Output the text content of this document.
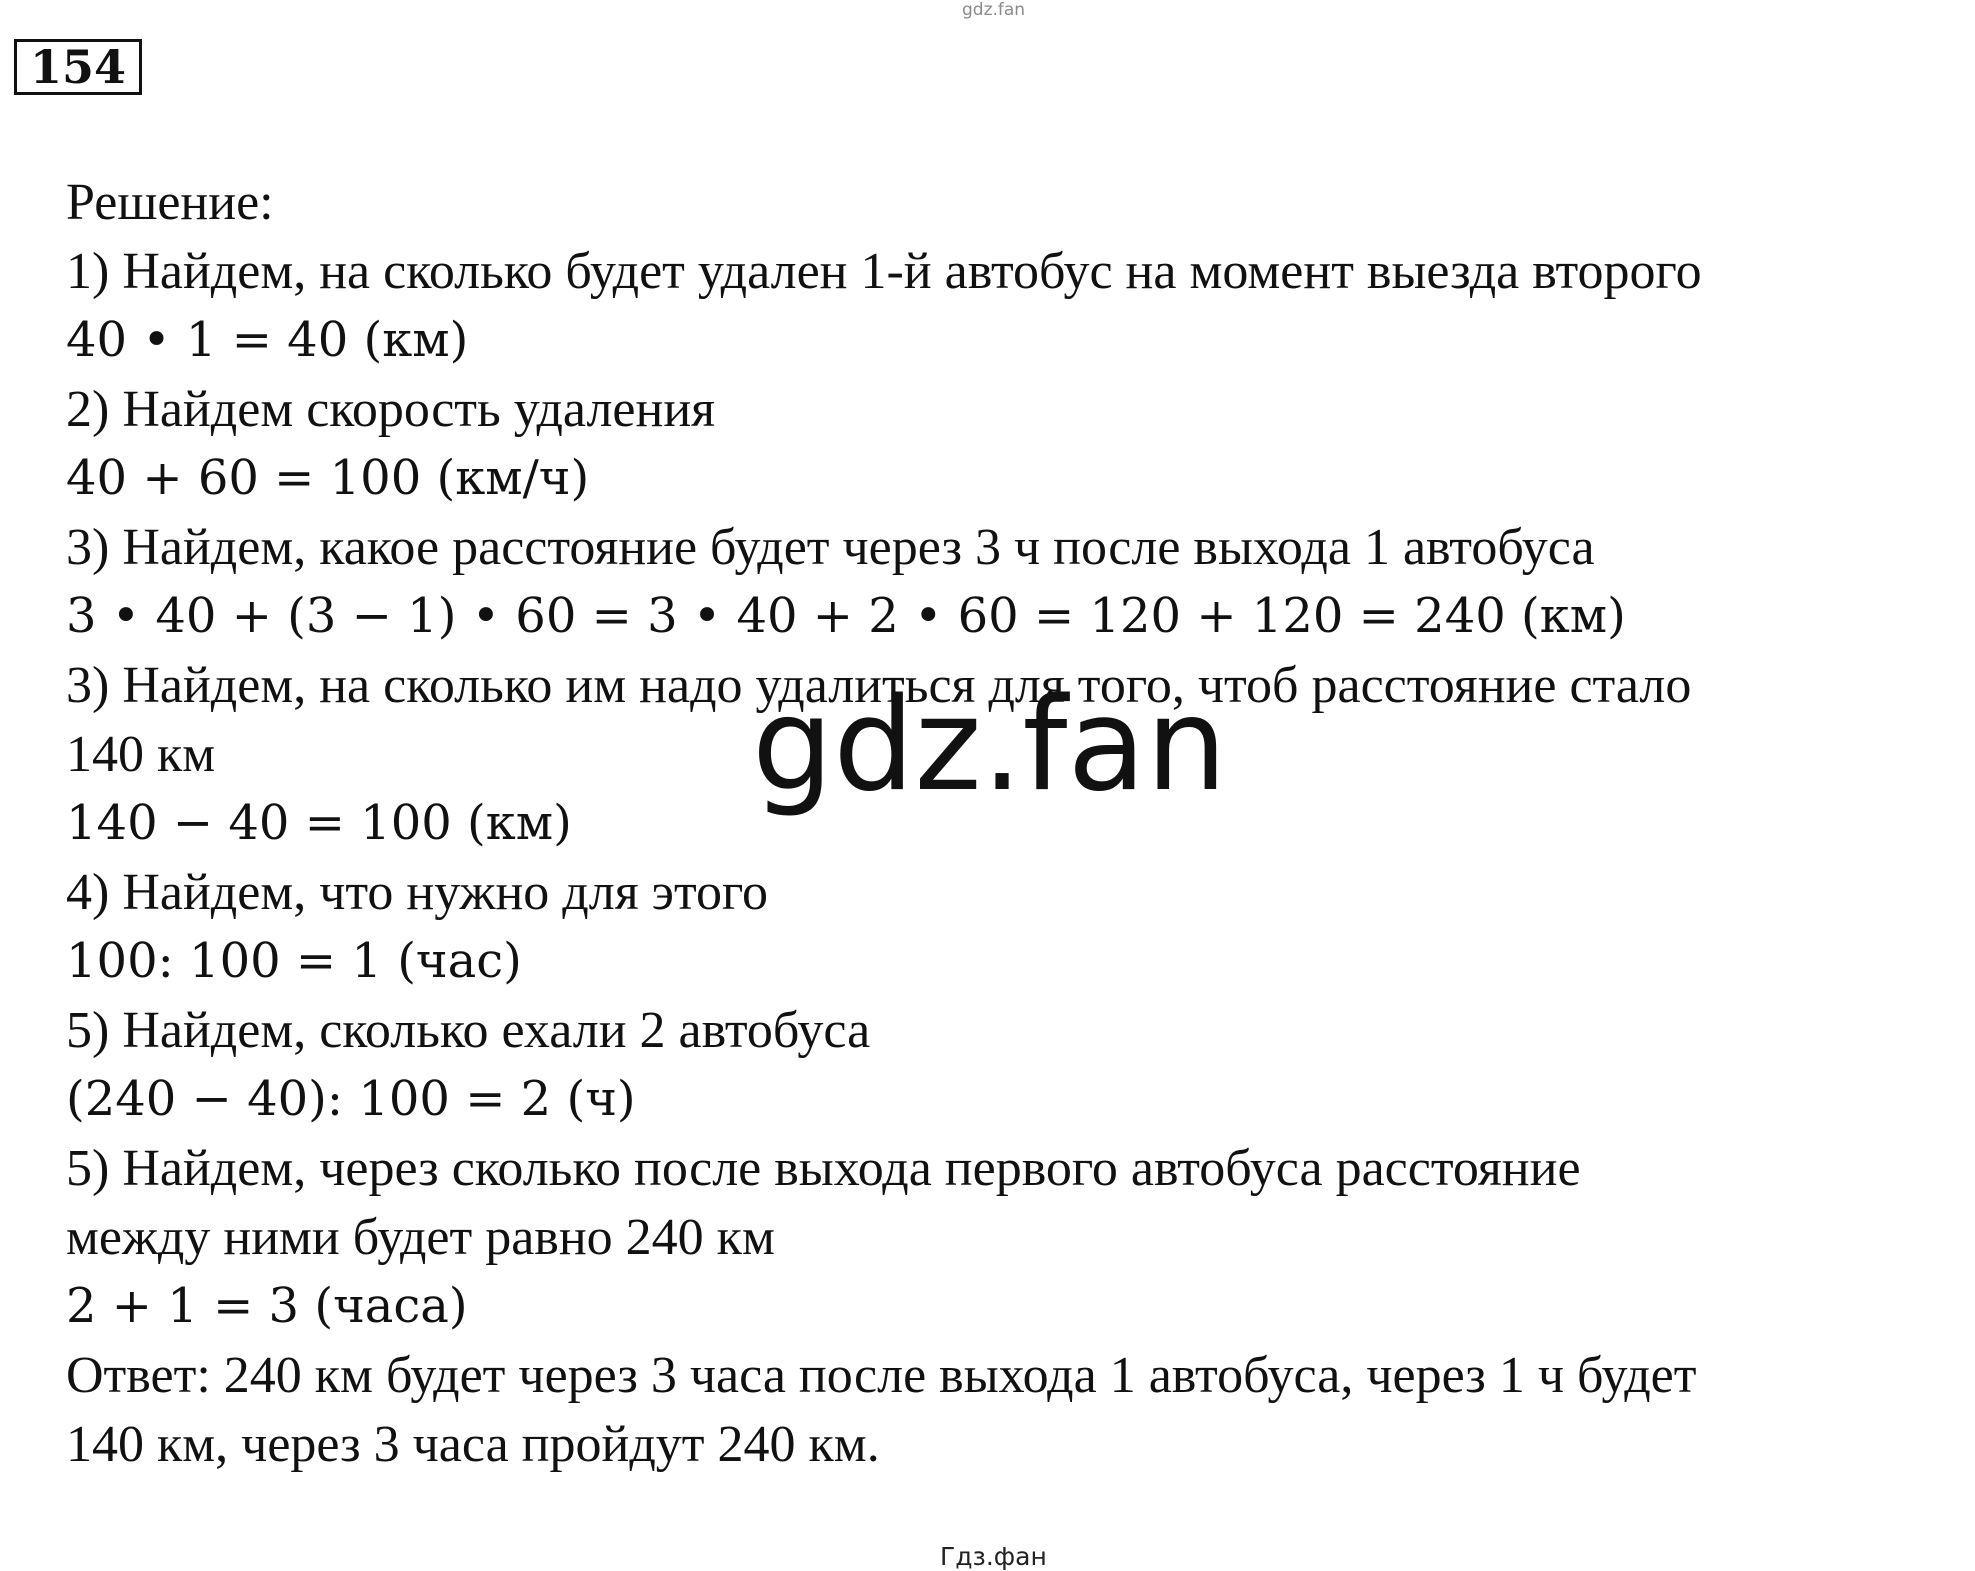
gdz.fan
154
Решение:
1) Найдем, на сколько будет удален 1-й автобус на момент выезда второго
40 • 1 = 40 (км)
2) Найдем скорость удаления
40 + 60 = 100 (км/ч)
3) Найдем, какое расстояние будет через 3 ч после выхода 1 автобуса
3 • 40 + (3 − 1) • 60 = 3 • 40 + 2 • 60 = 120 + 120 = 240 (км)
3) Найдем, на сколько им надо удалиться для того, чтоб расстояние стало
140 км
140 − 40 = 100 (км)
4) Найдем, что нужно для этого
100: 100 = 1 (час)
5) Найдем, сколько ехали 2 автобуса
(240 − 40): 100 = 2 (ч)
5) Найдем, через сколько после выхода первого автобуса расстояние
между ними будет равно 240 км
2 + 1 = 3 (часа)
Ответ: 240 км будет через 3 часа после выхода 1 автобуса, через 1 ч будет
140 км, через 3 часа пройдут 240 км.
gdz.fan
Гдз.фан
